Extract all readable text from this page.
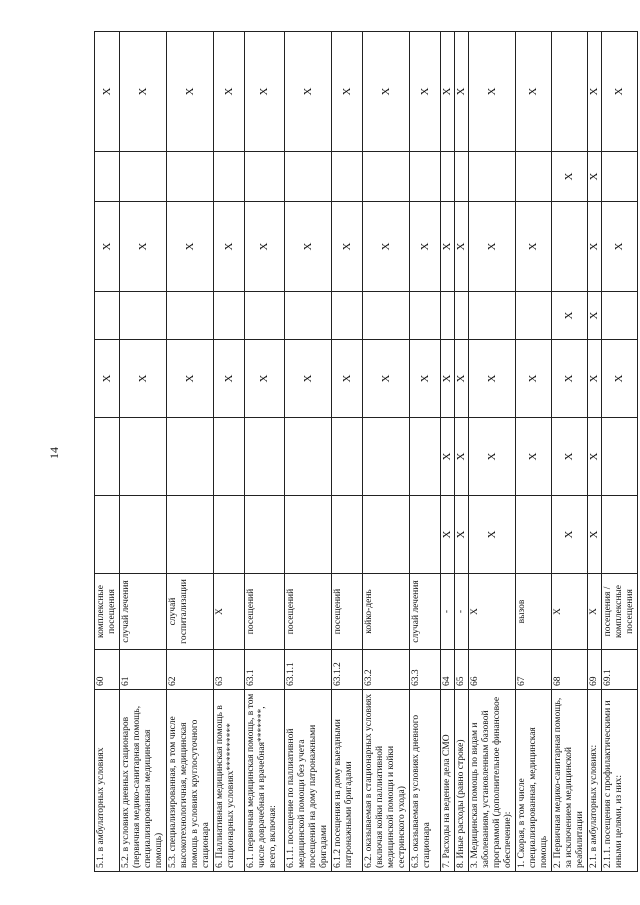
14
5.1. в амбулаторных условиях	60	комплексные посещения			X		X		X
5.2. в условиях дневных стационаров (первичная медико-санитарная помощь, специализированная медицинская помощь)	61	случай лечения			X		X		X
5.3. специализированная, в том числе высокотехнологичная, медицинская помощь в условиях круглосуточного стационара	62	случай госпитализации			X		X		X
6. Паллиативная медицинская помощь в стационарных условиях**********	63	X			X		X		X
6.1. первичная медицинская помощь, в том числе доврачебная и врачебная*******, всего, включая:	63.1	посещений			X		X		X
6.1.1. посещение по паллиативной медицинской помощи без учета посещений на дому патронажными бригадами	63.1.1	посещений			X		X		X
6.1.2 посещения на дому выездными патронажными бригадами	63.1.2	посещений			X		X		X
6.2. оказываемая в стационарных условиях (включая койки паллиативной медицинской помощи и койки сестринского ухода)	63.2	койко-день			X		X		X
6.3. оказываемая в условиях дневного стационара	63.3	случай лечения			X		X		X
7. Расходы на ведение дела СМО	64	-	X	X	X		X		X
8. Иные расходы (равно строке)	65	-	X	X	X		X		X
3. Медицинская помощь по видам и заболеваниям, установленным базовой программой (дополнительное финансовое обеспечение):	66	X	X	X	X		X		X
1. Скорая, в том числе специализированная, медицинская помощь	67	вызов		X	X		X		X
2. Первичная медико-санитарная помощь, за исключением медицинской реабилитации	68	X	X	X	X	X		X	
2.1. в амбулаторных условиях:	69	X	X	X	X	X	X	X	X
2.1.1. посещения с профилактическими и иными целями, из них:	69.1	посещения / комплексные посещения			X		X		X
